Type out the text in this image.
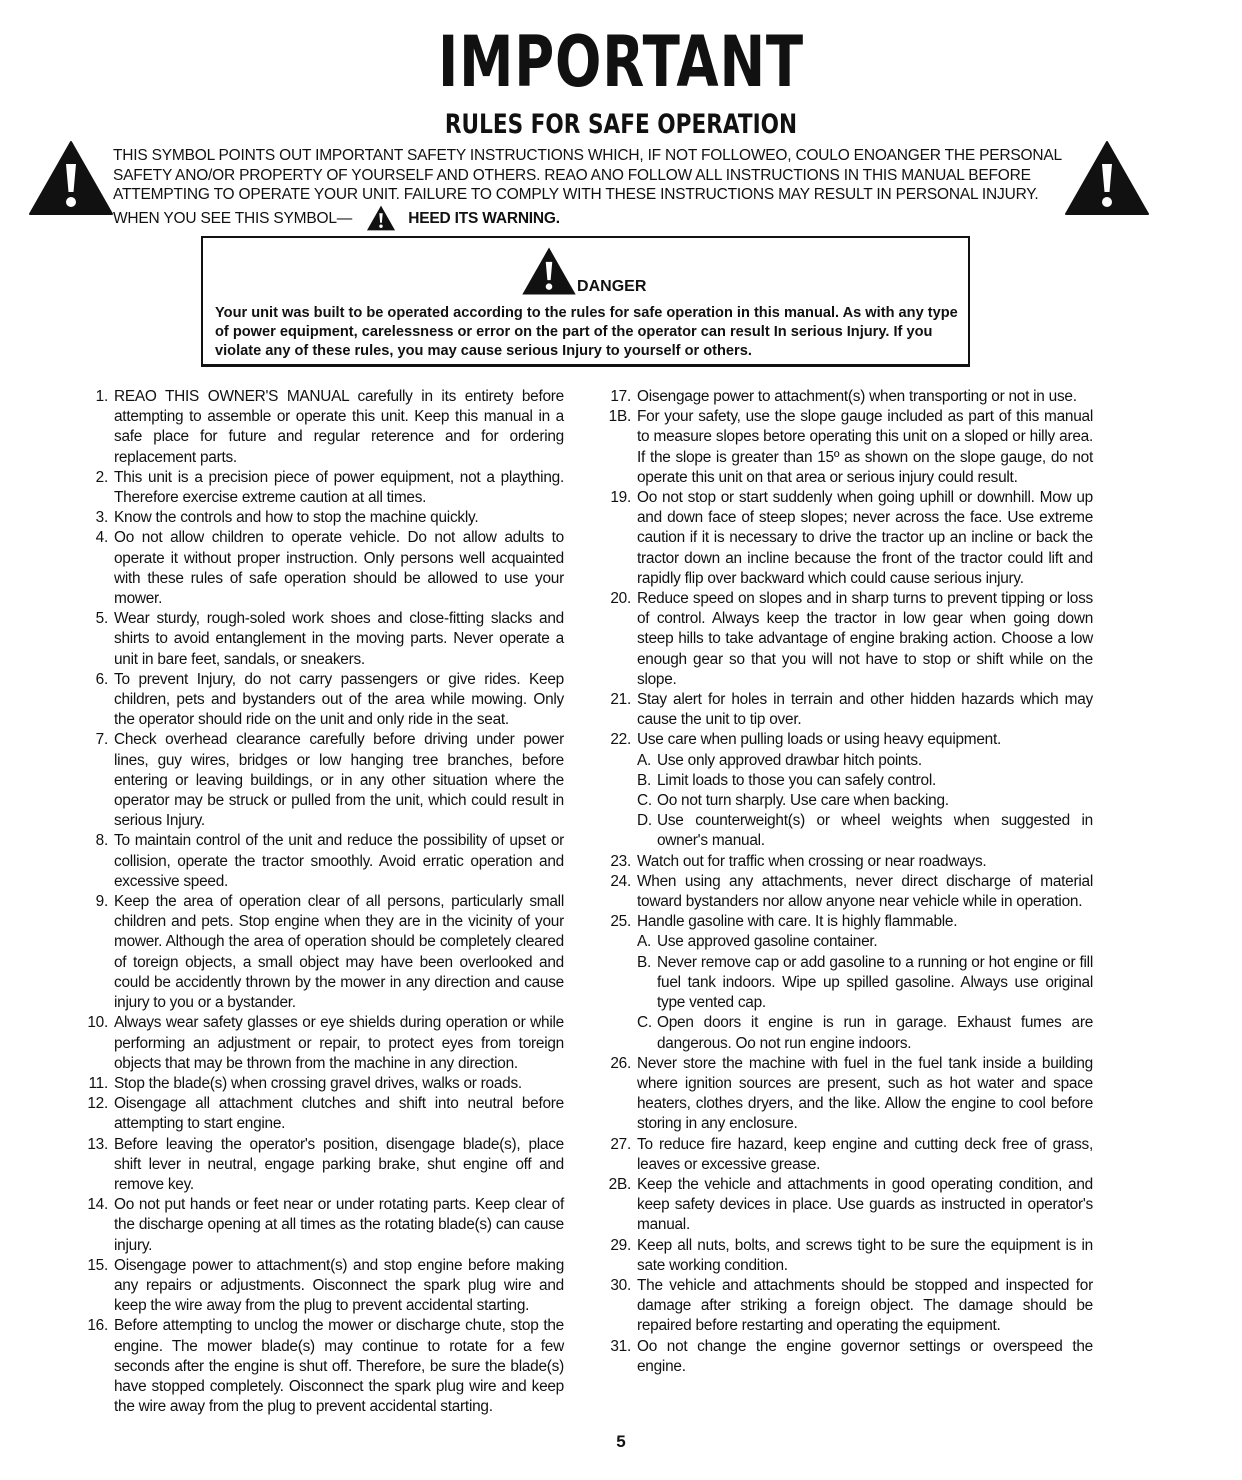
IMPORTANT
RULES FOR SAFE OPERATION
THIS SYMBOL POINTS OUT IMPORTANT SAFETY INSTRUCTIONS WHICH, IF NOT FOLLOWEO, COULO ENOANGER THE PERSONAL SAFETY ANO/OR PROPERTY OF YOURSELF AND OTHERS. REAO ANO FOLLOW ALL INSTRUCTIONS IN THIS MANUAL BEFORE ATTEMPTING TO OPERATE YOUR UNIT. FAILURE TO COMPLY WITH THESE INSTRUCTIONS MAY RESULT IN PERSONAL INJURY. WHEN YOU SEE THIS SYMBOL—	HEED ITS WARNING.
DANGER
Your unit was built to be operated according to the rules for safe operation in this manual. As with any type of power equipment, carelessness or error on the part of the operator can result In serious Injury. If you violate any of these rules, you may cause serious Injury to yourself or others.
1. REAO THIS OWNER'S MANUAL carefully in its entirety before attempting to assemble or operate this unit. Keep this manual in a safe place for future and regular reterence and for ordering replacement parts.
2. This unit is a precision piece of power equipment, not a plaything. Therefore exercise extreme caution at all times.
3. Know the controls and how to stop the machine quickly.
4. Oo not allow children to operate vehicle. Do not allow adults to operate it without proper instruction. Only persons well acquainted with these rules of safe operation should be allowed to use your mower.
5. Wear sturdy, rough-soled work shoes and close-fitting slacks and shirts to avoid entanglement in the moving parts. Never operate a unit in bare feet, sandals, or sneakers.
6. To prevent Injury, do not carry passengers or give rides. Keep children, pets and bystanders out of the area while mowing. Only the operator should ride on the unit and only ride in the seat.
7. Check overhead clearance carefully before driving under power lines, guy wires, bridges or low hanging tree branches, before entering or leaving buildings, or in any other situation where the operator may be struck or pulled from the unit, which could result in serious Injury.
8. To maintain control of the unit and reduce the possibility of upset or collision, operate the tractor smoothly. Avoid erratic operation and excessive speed.
9. Keep the area of operation clear of all persons, particularly small children and pets. Stop engine when they are in the vicinity of your mower. Although the area of operation should be completely cleared of toreign objects, a small object may have been overlooked and could be accidently thrown by the mower in any direction and cause injury to you or a bystander.
10. Always wear safety glasses or eye shields during operation or while performing an adjustment or repair, to protect eyes from toreign objects that may be thrown from the machine in any direction.
11. Stop the blade(s) when crossing gravel drives, walks or roads.
12. Oisengage all attachment clutches and shift into neutral before attempting to start engine.
13. Before leaving the operator's position, disengage blade(s), place shift lever in neutral, engage parking brake, shut engine off and remove key.
14. Oo not put hands or feet near or under rotating parts. Keep clear of the discharge opening at all times as the rotating blade(s) can cause injury.
15. Oisengage power to attachment(s) and stop engine before making any repairs or adjustments. Oisconnect the spark plug wire and keep the wire away from the plug to prevent accidental starting.
16. Before attempting to unclog the mower or discharge chute, stop the engine. The mower blade(s) may continue to rotate for a few seconds after the engine is shut off. Therefore, be sure the blade(s) have stopped completely. Oisconnect the spark plug wire and keep the wire away from the plug to prevent accidental starting.
17. Oisengage power to attachment(s) when transporting or not in use.
1B. For your safety, use the slope gauge included as part of this manual to measure slopes betore operating this unit on a sloped or hilly area. If the slope is greater than 15º as shown on the slope gauge, do not operate this unit on that area or serious injury could result.
19. Oo not stop or start suddenly when going uphill or downhill. Mow up and down face of steep slopes; never across the face. Use extreme caution if it is necessary to drive the tractor up an incline or back the tractor down an incline because the front of the tractor could lift and rapidly flip over backward which could cause serious injury.
20. Reduce speed on slopes and in sharp turns to prevent tipping or loss of control. Always keep the tractor in low gear when going down steep hills to take advantage of engine braking action. Choose a low enough gear so that you will not have to stop or shift while on the slope.
21. Stay alert for holes in terrain and other hidden hazards which may cause the unit to tip over.
22. Use care when pulling loads or using heavy equipment.
A. Use only approved drawbar hitch points.
B. Limit loads to those you can safely control.
C. Oo not turn sharply. Use care when backing.
D. Use counterweight(s) or wheel weights when suggested in owner's manual.
23. Watch out for traffic when crossing or near roadways.
24. When using any attachments, never direct discharge of material toward bystanders nor allow anyone near vehicle while in operation.
25. Handle gasoline with care. It is highly flammable.
A. Use approved gasoline container.
B. Never remove cap or add gasoline to a running or hot engine or fill fuel tank indoors. Wipe up spilled gasoline. Always use original type vented cap.
C. Open doors it engine is run in garage. Exhaust fumes are dangerous. Oo not run engine indoors.
26. Never store the machine with fuel in the fuel tank inside a building where ignition sources are present, such as hot water and space heaters, clothes dryers, and the like. Allow the engine to cool before storing in any enclosure.
27. To reduce fire hazard, keep engine and cutting deck free of grass, leaves or excessive grease.
2B. Keep the vehicle and attachments in good operating condition, and keep safety devices in place. Use guards as instructed in operator's manual.
29. Keep all nuts, bolts, and screws tight to be sure the equipment is in sate working condition.
30. The vehicle and attachments should be stopped and inspected for damage after striking a foreign object. The damage should be repaired before restarting and operating the equipment.
31. Oo not change the engine governor settings or overspeed the engine.
5
